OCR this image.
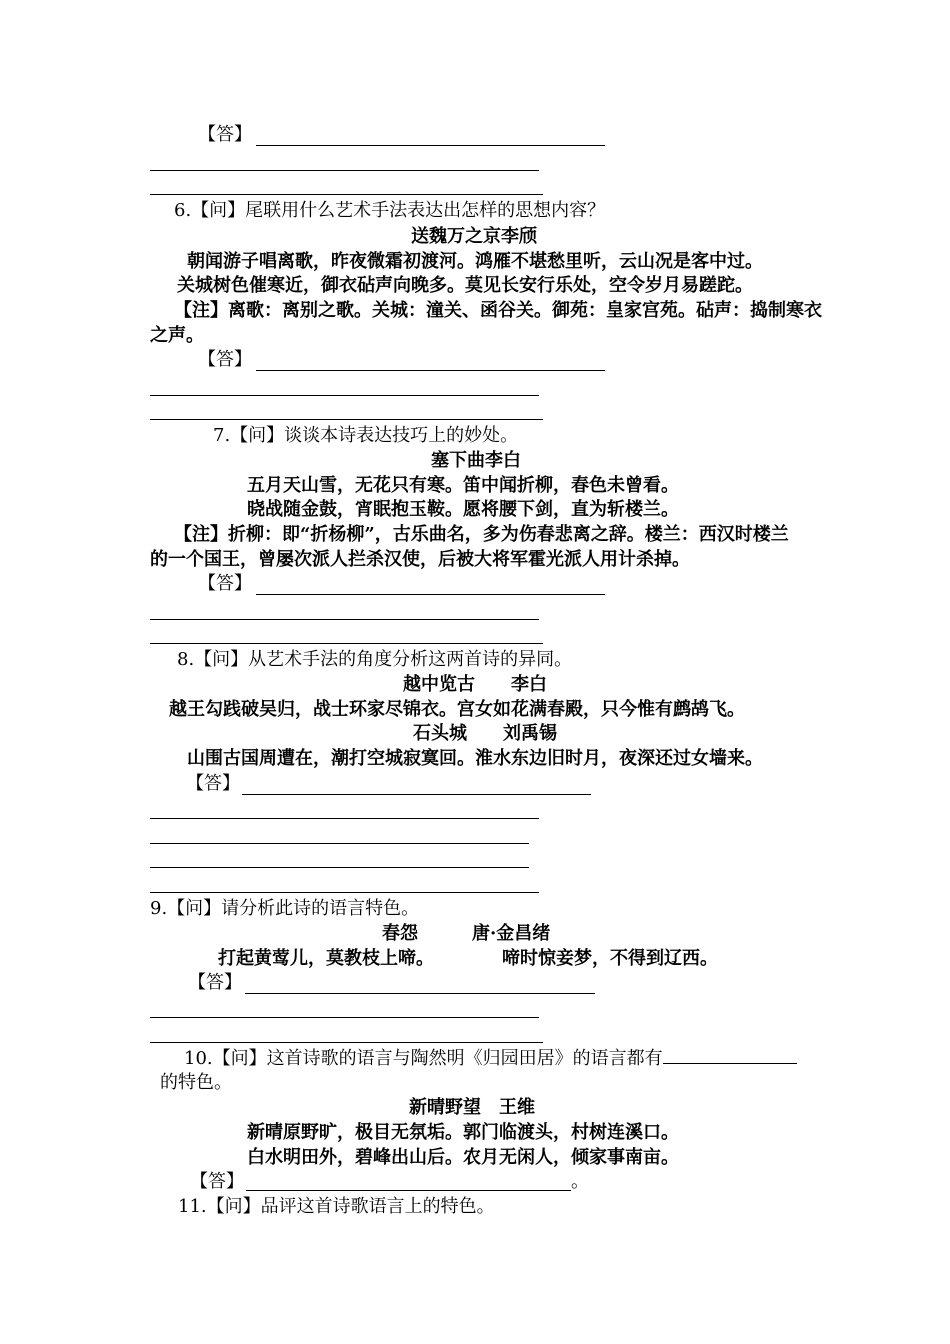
【答】
6.【问】尾联用什么艺术手法表达出怎样的思想内容？
送魏万之京李颀
朝闻游子唱离歌，昨夜微霜初渡河。鸿雁不堪愁里听，云山况是客中过。
关城树色催寒近，御衣砧声向晚多。莫见长安行乐处，空令岁月易蹉跎。
【注】离歌：离别之歌。关城：潼关、函谷关。御苑：皇家宫苑。砧声：捣制寒衣
之声。
【答】
7.【问】谈谈本诗表达技巧上的妙处。
塞下曲李白
五月天山雪，无花只有寒。笛中闻折柳，春色未曾看。
晓战随金鼓，宵眠抱玉鞍。愿将腰下剑，直为斩楼兰。
【注】折柳：即“折杨柳”，古乐曲名，多为伤春悲离之辞。楼兰：西汉时楼兰
的一个国王，曾屡次派人拦杀汉使，后被大将军霍光派人用计杀掉。
【答】
8.【问】从艺术手法的角度分析这两首诗的异同。
越中览古　　李白
越王勾践破吴归，战士环家尽锦衣。宫女如花满春殿，只今惟有鹧鸪飞。
石头城　　刘禹锡
山围古国周遭在，潮打空城寂寞回。淮水东边旧时月，夜深还过女墙来。
【答】
9.【问】请分析此诗的语言特色。
春怨　　　唐·金昌绪
打起黄莺儿，莫教枝上啼。	啼时惊妾梦，不得到辽西。
【答】
10.【问】这首诗歌的语言与陶然明《归园田居》的语言都有
的特色。
新晴野望　王维
新晴原野旷，极目无氛垢。郭门临渡头，村树连溪口。
白水明田外，碧峰出山后。农月无闲人，倾家事南亩。
【答】	。
11.【问】品评这首诗歌语言上的特色。
